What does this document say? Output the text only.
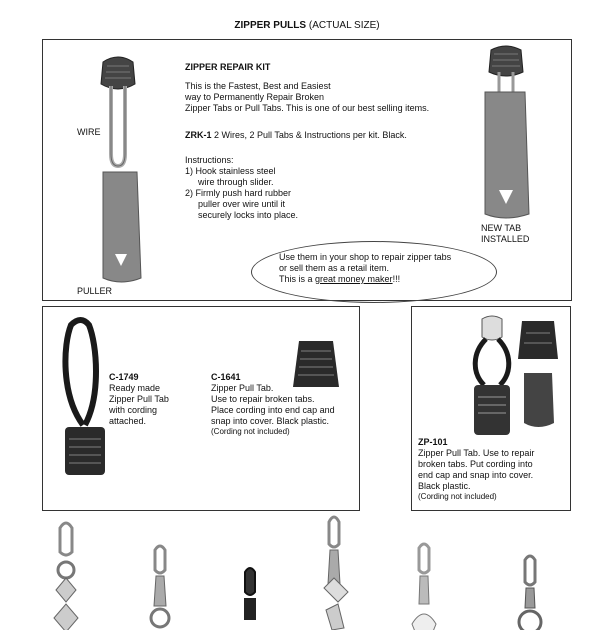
ZIPPER PULLS (ACTUAL SIZE)
WIRE
PULLER
ZIPPER REPAIR KIT

This is the Fastest, Best and Easiest

way to Permanently Repair Broken

Zipper Tabs or Pull Tabs. This is one of our best selling items.

ZRK-1 2 Wires, 2 Pull Tabs & Instructions per kit. Black.

Instructions:

1) Hook stainless steel

wire through slider.

2) Firmly push hard rubber

puller over wire until it

securely locks into place.

Use them in your shop to repair zipper tabs

or sell them as a retail item.

This is a great money maker!!!

NEW TAB

INSTALLED

C-1749

Ready made

Zipper Pull Tab

with cording

attached.

C-1641

Zipper Pull Tab.

Use to repair broken tabs.

Place cording into end cap and

snap into cover. Black plastic.

(Cording not included)

ZP-101

Zipper Pull Tab. Use to repair

broken tabs. Put cording into

end cap and snap into cover.

Black plastic.

(Cording not included)
